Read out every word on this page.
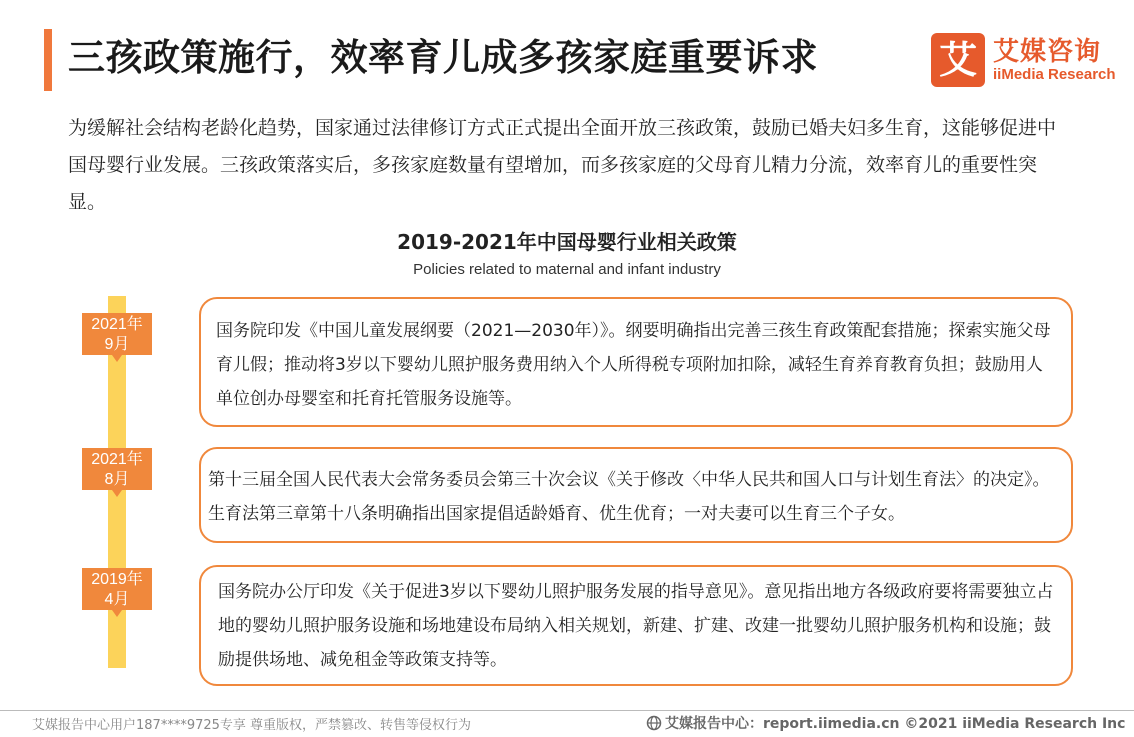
三孩政策施行，效率育儿成多孩家庭重要诉求	艾 艾媒咨询
iiMedia Research
为缓解社会结构老龄化趋势，国家通过法律修订方式正式提出全面开放三孩政策，鼓励已婚夫妇多生育，这能够促进中国母婴行业发展。三孩政策落实后，多孩家庭数量有望增加，而多孩家庭的父母育儿精力分流，效率育儿的重要性突显。
2019-2021年中国母婴行业相关政策
Policies related to maternal and infant industry
2021年
9月
国务院印发《中国儿童发展纲要（2021—2030年）》。纲要明确指出完善三孩生育政策配套措施；探索实施父母育儿假；推动将3岁以下婴幼儿照护服务费用纳入个人所得税专项附加扣除，减轻生育养育教育负担；鼓励用人单位创办母婴室和托育托管服务设施等。
2021年
8月	第十三届全国人民代表大会常务委员会第三十次会议《关于修改〈中华人民共和国人口与计划生育法〉的决定》。生育法第三章第十八条明确指出国家提倡适龄婚育、优生优育；一对夫妻可以生育三个子女。
2019年
4月	国务院办公厅印发《关于促进3岁以下婴幼儿照护服务发展的指导意见》。意见指出地方各级政府要将需要独立占地的婴幼儿照护服务设施和场地建设布局纳入相关规划，新建、扩建、改建一批婴幼儿照护服务机构和设施；鼓励提供场地、减免租金等政策支持等。
艾媒报告中心用户187****9725专享 尊重版权，严禁篡改、转售等侵权行为	艾媒报告中心：report.iimedia.cn ©2021 iiMedia Research Inc
